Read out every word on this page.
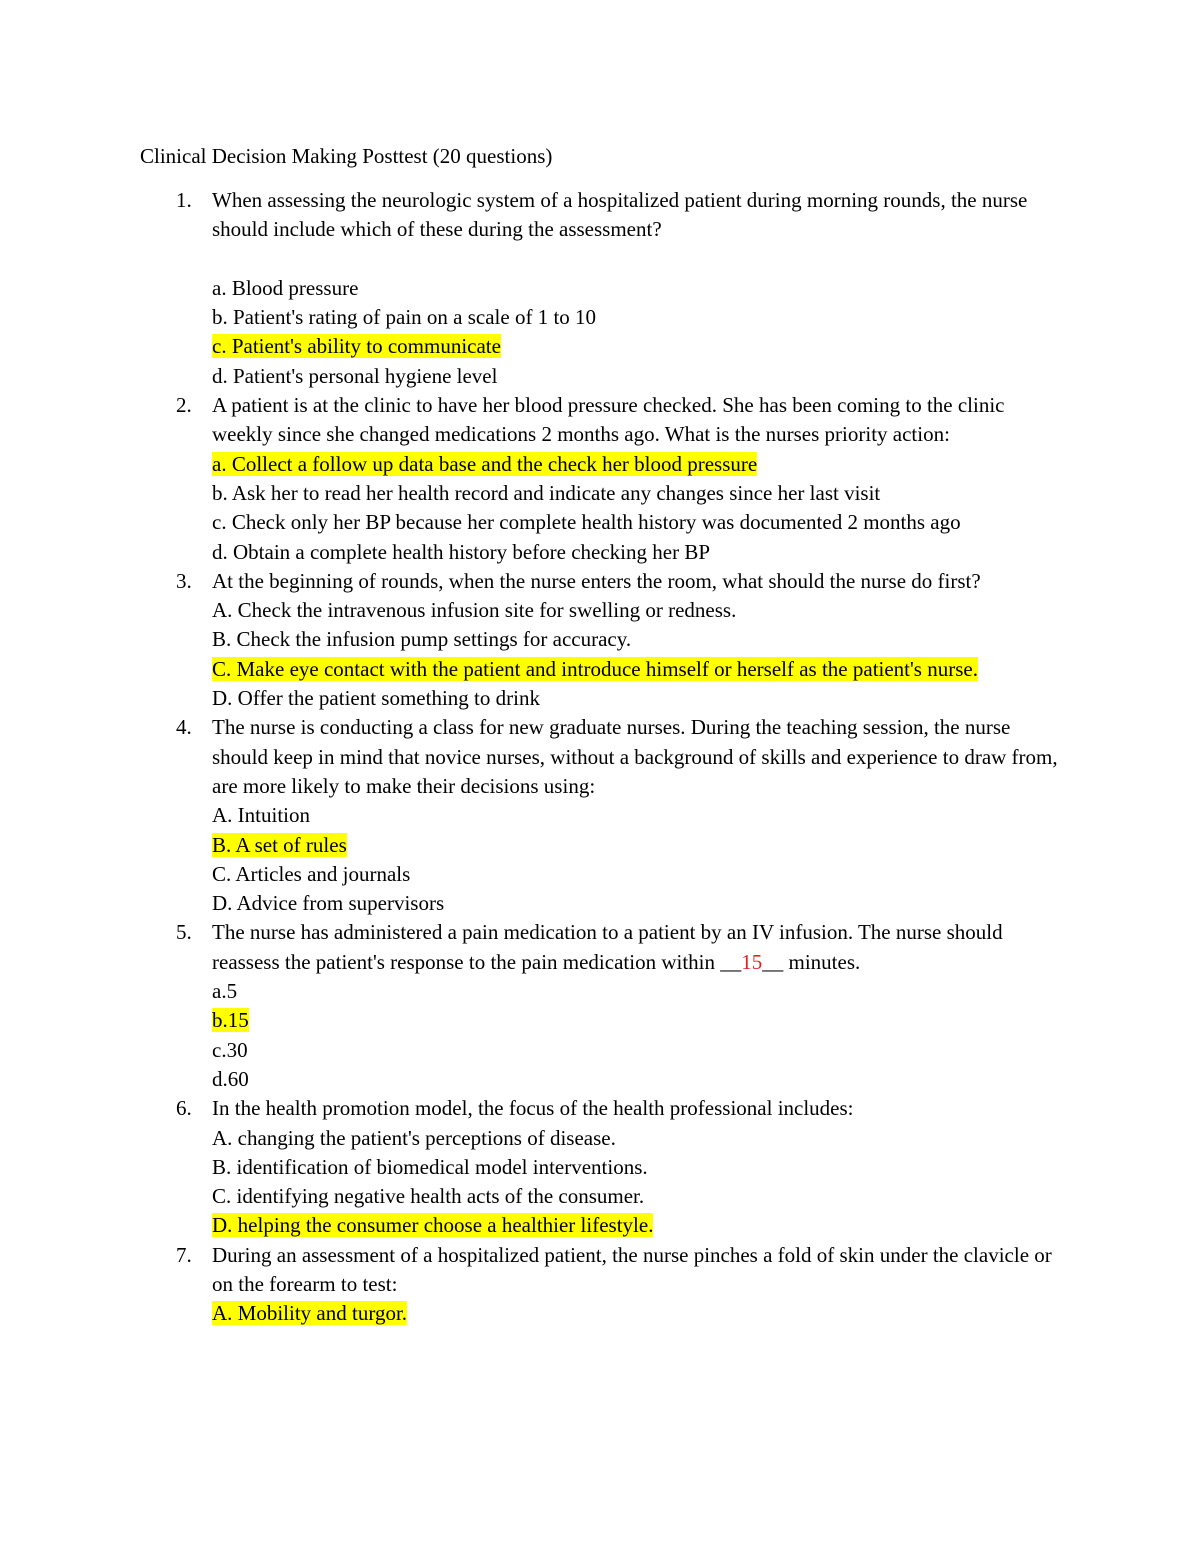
Clinical Decision Making Posttest (20 questions)
1. When assessing the neurologic system of a hospitalized patient during morning rounds, the nurse should include which of these during the assessment?
a. Blood pressure
b. Patient's rating of pain on a scale of 1 to 10
c. Patient's ability to communicate
d. Patient's personal hygiene level
2. A patient is at the clinic to have her blood pressure checked. She has been coming to the clinic weekly since she changed medications 2 months ago. What is the nurses priority action:
a. Collect a follow up data base and the check her blood pressure
b. Ask her to read her health record and indicate any changes since her last visit
c. Check only her BP because her complete health history was documented 2 months ago
d. Obtain a complete health history before checking her BP
3. At the beginning of rounds, when the nurse enters the room, what should the nurse do first?
A. Check the intravenous infusion site for swelling or redness.
B. Check the infusion pump settings for accuracy.
C. Make eye contact with the patient and introduce himself or herself as the patient's nurse.
D. Offer the patient something to drink
4. The nurse is conducting a class for new graduate nurses. During the teaching session, the nurse should keep in mind that novice nurses, without a background of skills and experience to draw from, are more likely to make their decisions using:
A. Intuition
B. A set of rules
C. Articles and journals
D. Advice from supervisors
5. The nurse has administered a pain medication to a patient by an IV infusion. The nurse should reassess the patient's response to the pain medication within __15__ minutes.
a.5
b.15
c.30
d.60
6. In the health promotion model, the focus of the health professional includes:
A. changing the patient's perceptions of disease.
B. identification of biomedical model interventions.
C. identifying negative health acts of the consumer.
D. helping the consumer choose a healthier lifestyle.
7. During an assessment of a hospitalized patient, the nurse pinches a fold of skin under the clavicle or on the forearm to test:
A. Mobility and turgor.
